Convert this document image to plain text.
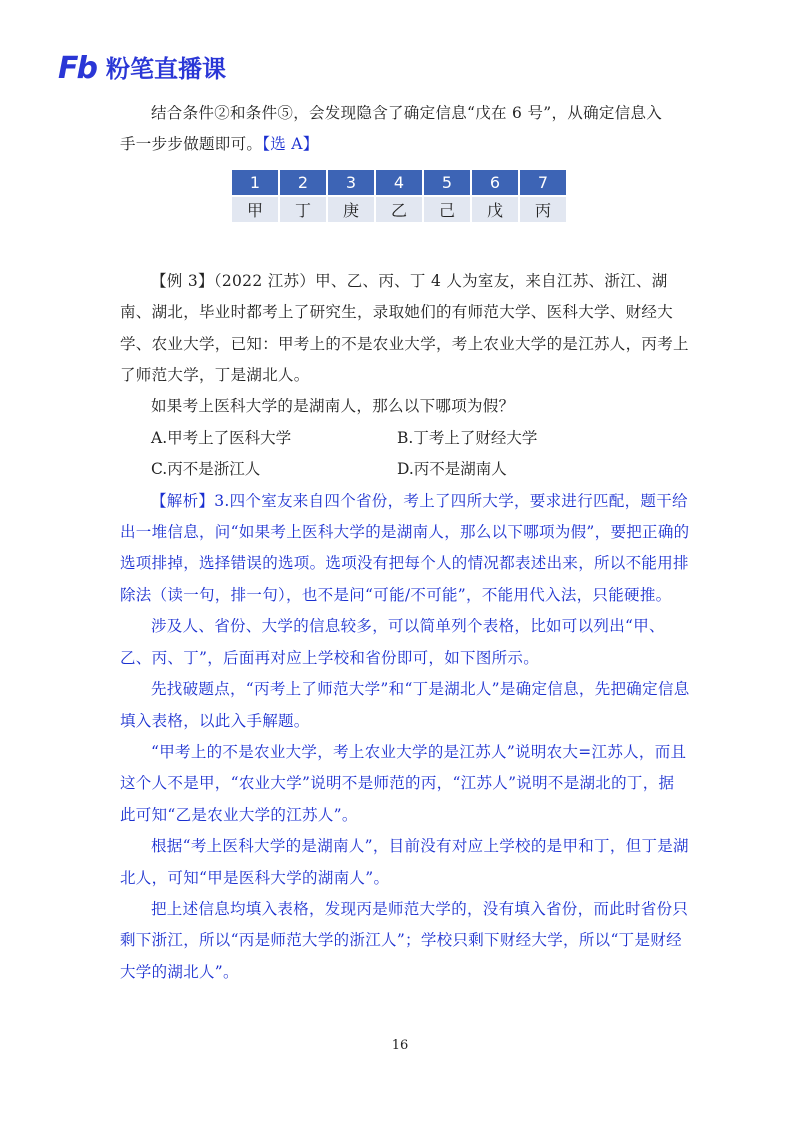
Fb 粉笔直播课

结合条件②和条件⑤，会发现隐含了确定信息“戊在 6 号”，从确定信息入

手一步步做题即可。【选 A】

1	2	3	4	5	6	7
甲	丁	庚	乙	己	戊	丙

【例 3】（2022 江苏）甲、乙、丙、丁 4 人为室友，来自江苏、浙江、湖南、湖北，毕业时都考上了研究生，录取她们的有师范大学、医科大学、财经大学、农业大学，已知：甲考上的不是农业大学，考上农业大学的是江苏人，丙考上了师范大学，丁是湖北人。

如果考上医科大学的是湖南人，那么以下哪项为假？

A.甲考上了医科大学	B.丁考上了财经大学
C.丙不是浙江人	D.丙不是湖南人

【解析】3.四个室友来自四个省份，考上了四所大学，要求进行匹配，题干给出一堆信息，问“如果考上医科大学的是湖南人，那么以下哪项为假”，要把正确的选项排掉，选择错误的选项。选项没有把每个人的情况都表述出来，所以不能用排除法（读一句，排一句），也不是问“可能/不可能”，不能用代入法，只能硬推。

涉及人、省份、大学的信息较多，可以简单列个表格，比如可以列出“甲、乙、丙、丁”，后面再对应上学校和省份即可，如下图所示。

先找破题点，“丙考上了师范大学”和“丁是湖北人”是确定信息，先把确定信息填入表格，以此入手解题。

“甲考上的不是农业大学，考上农业大学的是江苏人”说明农大=江苏人，而且这个人不是甲，“农业大学”说明不是师范的丙，“江苏人”说明不是湖北的丁，据此可知“乙是农业大学的江苏人”。

根据“考上医科大学的是湖南人”，目前没有对应上学校的是甲和丁，但丁是湖北人，可知“甲是医科大学的湖南人”。

把上述信息均填入表格，发现丙是师范大学的，没有填入省份，而此时省份只剩下浙江，所以“丙是师范大学的浙江人”；学校只剩下财经大学，所以“丁是财经大学的湖北人”。

16
